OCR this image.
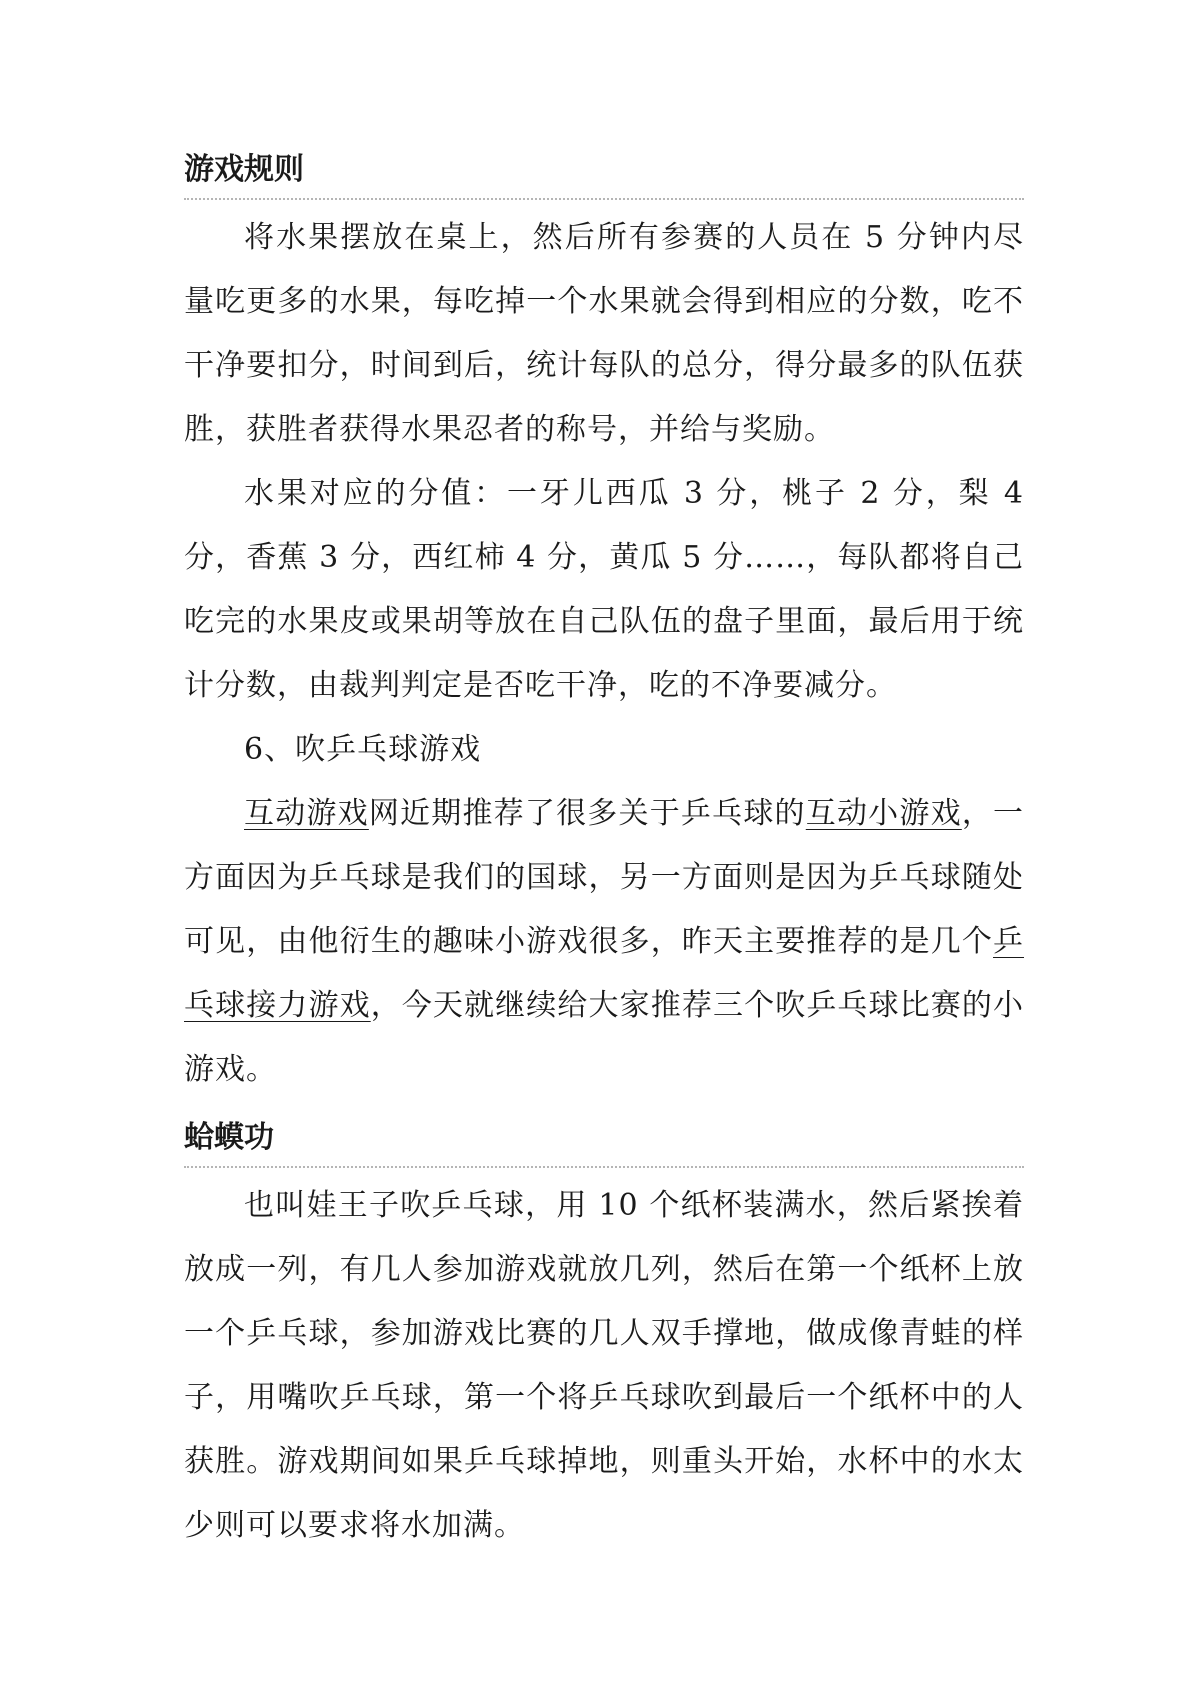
游戏规则

将水果摆放在桌上，然后所有参赛的人员在 5 分钟内尽量吃更多的水果，每吃掉一个水果就会得到相应的分数，吃不干净要扣分，时间到后，统计每队的总分，得分最多的队伍获胜，获胜者获得水果忍者的称号，并给与奖励。

水果对应的分值：一牙儿西瓜 3 分，桃子 2 分，梨 4 分，香蕉 3 分，西红柿 4 分，黄瓜 5 分……，每队都将自己吃完的水果皮或果胡等放在自己队伍的盘子里面，最后用于统计分数，由裁判判定是否吃干净，吃的不净要减分。

6、吹乒乓球游戏

互动游戏网近期推荐了很多关于乒乓球的互动小游戏，一方面因为乒乓球是我们的国球，另一方面则是因为乒乓球随处可见，由他衍生的趣味小游戏很多，昨天主要推荐的是几个乒乓球接力游戏，今天就继续给大家推荐三个吹乒乓球比赛的小游戏。

蛤蟆功

也叫娃王子吹乒乓球，用 10 个纸杯装满水，然后紧挨着放成一列，有几人参加游戏就放几列，然后在第一个纸杯上放一个乒乓球，参加游戏比赛的几人双手撑地，做成像青蛙的样子，用嘴吹乒乓球，第一个将乒乓球吹到最后一个纸杯中的人获胜。游戏期间如果乒乓球掉地，则重头开始，水杯中的水太少则可以要求将水加满。
